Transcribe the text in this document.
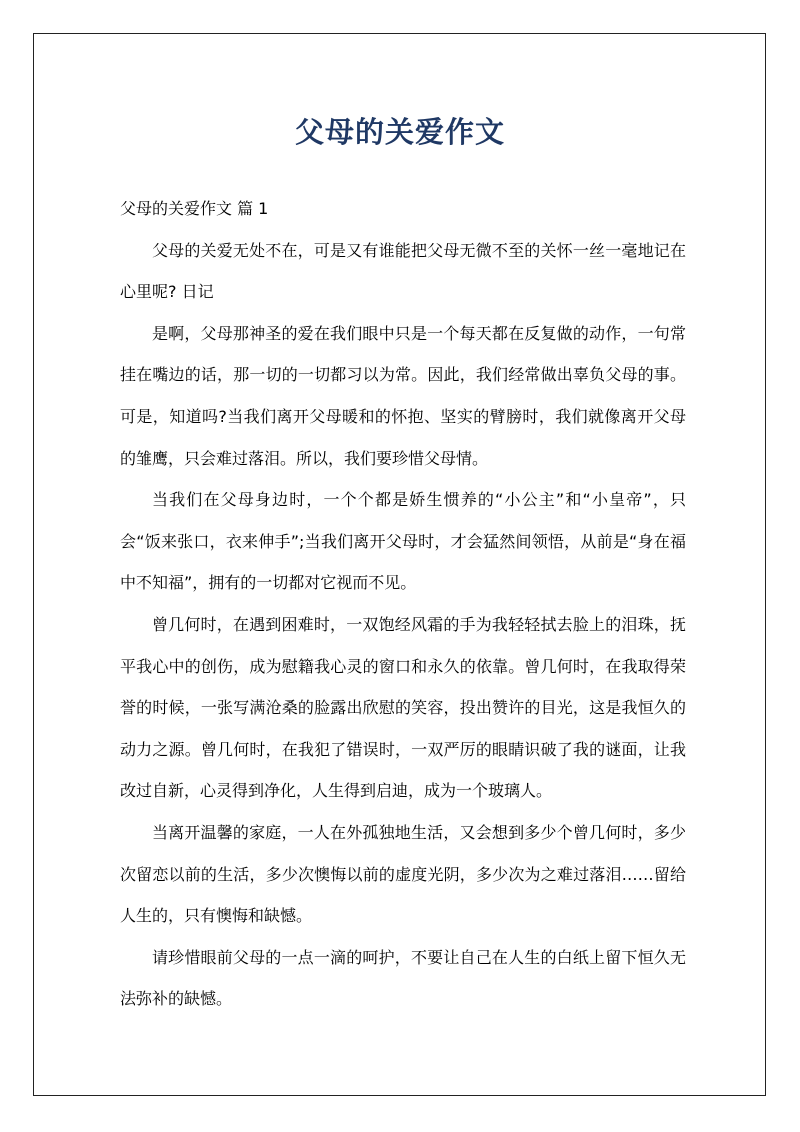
父母的关爱作文

父母的关爱作文 篇 1

父母的关爱无处不在，可是又有谁能把父母无微不至的关怀一丝一毫地记在心里呢? 日记

是啊，父母那神圣的爱在我们眼中只是一个每天都在反复做的动作，一句常挂在嘴边的话，那一切的一切都习以为常。因此，我们经常做出辜负父母的事。可是，知道吗?当我们离开父母暖和的怀抱、坚实的臂膀时，我们就像离开父母的雏鹰，只会难过落泪。所以，我们要珍惜父母情。

当我们在父母身边时，一个个都是娇生惯养的“小公主”和“小皇帝”，只会“饭来张口，衣来伸手”;当我们离开父母时，才会猛然间领悟，从前是“身在福中不知福”，拥有的一切都对它视而不见。

曾几何时，在遇到困难时，一双饱经风霜的手为我轻轻拭去脸上的泪珠，抚平我心中的创伤，成为慰籍我心灵的窗口和永久的依靠。曾几何时，在我取得荣誉的时候，一张写满沧桑的脸露出欣慰的笑容，投出赞许的目光，这是我恒久的动力之源。曾几何时，在我犯了错误时，一双严厉的眼睛识破了我的谜面，让我改过自新，心灵得到净化，人生得到启迪，成为一个玻璃人。

当离开温馨的家庭，一人在外孤独地生活，又会想到多少个曾几何时，多少次留恋以前的生活，多少次懊悔以前的虚度光阴，多少次为之难过落泪……留给人生的，只有懊悔和缺憾。

请珍惜眼前父母的一点一滴的呵护，不要让自己在人生的白纸上留下恒久无法弥补的缺憾。
